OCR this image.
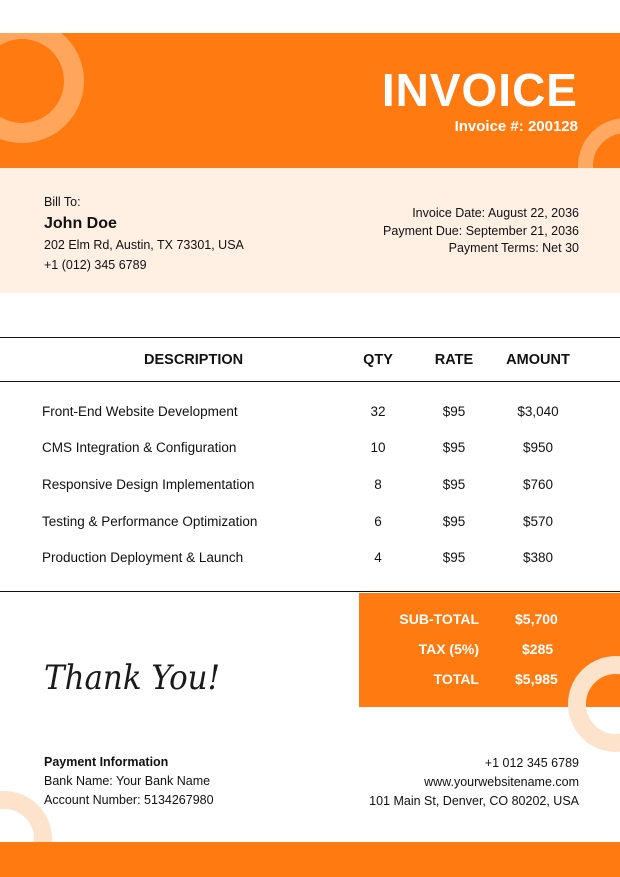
INVOICE
Invoice #: 200128
Bill To:
John Doe
202 Elm Rd, Austin, TX 73301, USA
+1 (012) 345 6789
Invoice Date: August 22, 2036
Payment Due: September 21, 2036
Payment Terms: Net 30
DESCRIPTION	QTY	RATE	AMOUNT
Front-End Website Development	32	$95	$3,040
CMS Integration & Configuration	10	$95	$950
Responsive Design Implementation	8	$95	$760
Testing & Performance Optimization	6	$95	$570
Production Deployment & Launch	4	$95	$380
SUB-TOTAL	$5,700
TAX (5%)	$285
TOTAL	$5,985
Thank You!
Payment Information
Bank Name: Your Bank Name
Account Number: 5134267980
+1 012 345 6789
www.yourwebsitename.com
101 Main St, Denver, CO 80202, USA
